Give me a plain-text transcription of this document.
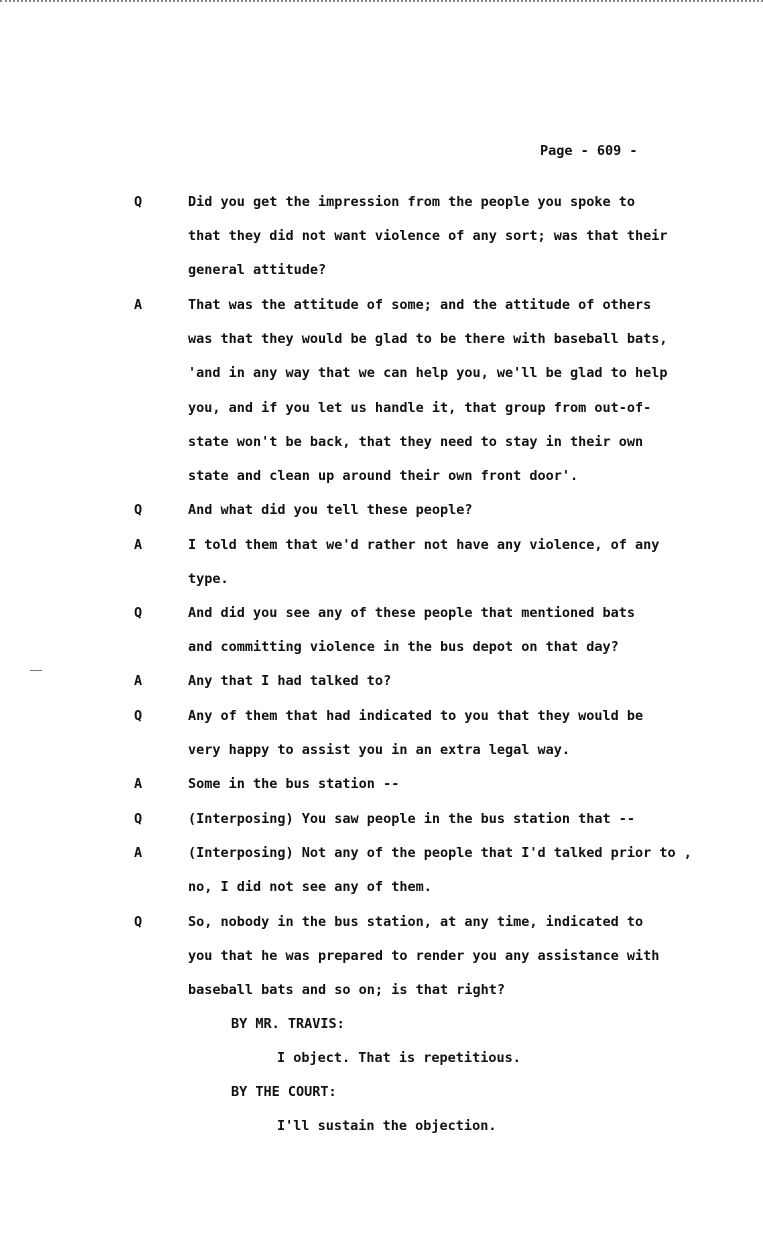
Page - 609 -
Q	Did you get the impression from the people you spoke to
that they did not want violence of any sort; was that their
general attitude?
A	That was the attitude of some; and the attitude of others
was that they would be glad to be there with baseball bats,
'and in any way that we can help you, we'll be glad to help
you, and if you let us handle it, that group from out-of-
state won't be back, that they need to stay in their own
state and clean up around their own front door'.
Q	And what did you tell these people?
A	I told them that we'd rather not have any violence, of any
type.
Q	And did you see any of these people that mentioned bats
and committing violence in the bus depot on that day?
A	Any that I had talked to?
Q	Any of them that had indicated to you that they would be
very happy to assist you in an extra legal way.
A	Some in the bus station --
Q	(Interposing) You saw people in the bus station that --
A	(Interposing) Not any of the people that I'd talked prior to ,
no, I did not see any of them.
Q	So, nobody in the bus station, at any time, indicated to
you that he was prepared to render you any assistance with
baseball bats and so on; is that right?
BY MR. TRAVIS:
I object. That is repetitious.
BY THE COURT:
I'll sustain the objection.
